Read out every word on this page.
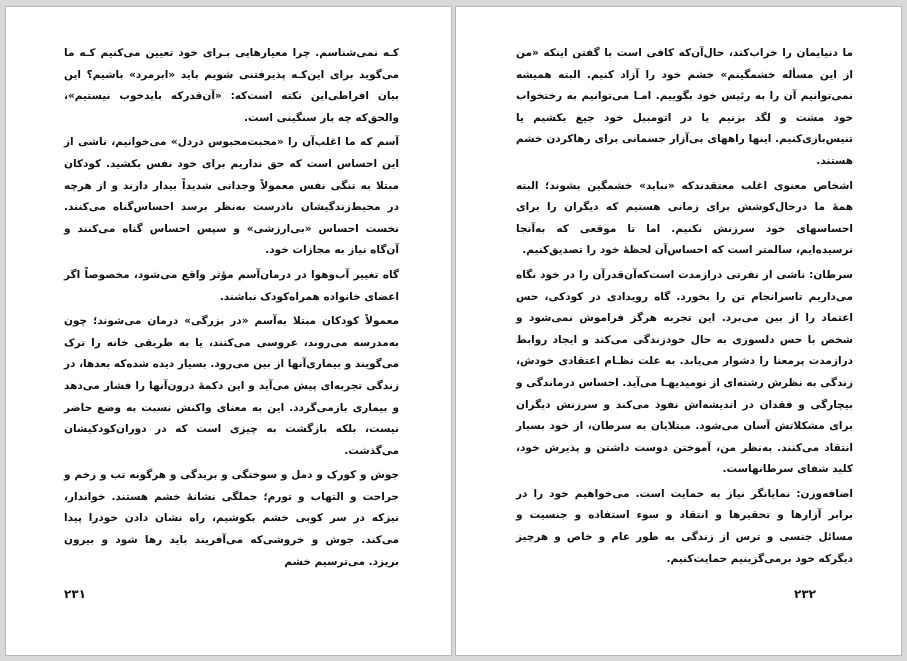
کـه نمی‌شناسم. چرا معیارهایی بـرای خود تعیین می‌کنیم کـه ما می‌گوید برای این‌کـه پذیرفتنی شویم باید «ابرمرد» باشیم؟ این بیان افراطی‌این نکته است‌که: «آن‌قدرکه بایدخوب نیستیم»، والحق‌که چه بار سنگینی است.

آسم که ما اغلب‌آن را «محبت‌محبوس دردل» می‌خوانیم، ناشی از این احساس است که حق نداریم برای خود نفس بکشید. کودکان مبتلا به تنگی نفس معمولاً وجدانی شدیداً بیدار دارند و از هرچه در محیط‌زندگیشان نادرست به‌نظر برسد احساس‌گناه می‌کنند. نخست احساس «بی‌ارزشی» و سپس احساس گناه می‌کنند و آن‌گاه نیاز به مجازات خود.

گاه تغییر آب‌وهوا در درمان‌آسم مؤثر واقع می‌شود، مخصوصاً اگر اعضای خانواده همراه‌کودک نباشند.

معمولاً کودکان مبتلا به‌آسم «در بزرگی» درمان می‌شوند؛ چون به‌مدرسه می‌روند، عروسی می‌کنند، یا به طریقی خانه را ترک می‌گویند و بیماری‌آنها از بین می‌رود. بسیار دیده شده‌که بعدها، در زندگی تجربه‌ای پیش می‌آید و این دکمۀ درون‌آنها را فشار می‌دهد و بیماری بازمی‌گردد. این به معنای واکنش نسبت به وضع حاضر نیست، بلکه بازگشت به چیزی است که در دوران‌کودکیشان می‌گذشت.

جوش و کورک و دمل و سوختگی و بریدگی و هرگونه تب و زخم و جراحت و التهاب و تورم؛ جملگی نشانۀ خشم هستند. خواندار، نیزکه در سر کوبی خشم بکوشیم، راه نشان دادن خودرا پیدا می‌کند. جوش و خروشی‌که می‌آفریند باید رها شود و بیرون بریزد. می‌ترسیم خشم

۲۳۱

ما دنیایمان را خراب‌کند، حال‌آن‌که کافی است با گفتن اینکه «من از این مسأله خشمگینم» خشم خود را آزاد کنیم. البته همیشه نمی‌توانیم آن را به رئیس خود بگوییم. امـا می‌توانیم به رختخواب خود مشت و لگد بزنیم یا در اتومبیل خود جیغ بکشیم یا تنیس‌بازی‌کنیم. اینها راههای بی‌آزار جسمانی برای رها‌کردن خشم هستند.

اشخاص معنوی اغلب معتقدندکه «نباید» خشمگین بشوند؛ البته همۀ ما درحال‌کوشش برای زمانی هستیم که دیگران را برای احساسهای خود سرزنش نکنیم. اما تا موقعی که به‌آنجا نرسیده‌ایم، سالمتر است که احساس‌آن لحظۀ خود را تصدیق‌کنیم.

سرطان: ناشی از نفرتی درازمدت است‌که‌آن‌قدرآن را در خود نگاه می‌داریم تاسرانجام تن را بخورد. گاه رویدادی در کودکی، حس اعتماد را از بین می‌برد. این تجربه هرگز فراموش نمی‌شود و شخص با حس دلسوزی به حال خودزندگی می‌کند و ایجاد روابط درازمدت پرمعنا را دشوار می‌یابد. به علت نظـام اعتقادی خودش، زندگی به نظرش رشته‌ای از نومیدیهـا می‌آید. احساس درماندگی و بیچارگی و فقدان در اندیشه‌اش نفوذ می‌کند و سرزنش دیگران برای مشکلاتش آسان می‌شود. مبتلایان به سرطان، از خود بسیار انتقاد می‌کنند. به‌نظر من، آموختن دوست داشتن و پذیرش خود، کلید شفای سرطانهاست.

اضافه‌وزن: نمایانگر نیاز به حمایت است. می‌خواهیم خود را در برابر آزارها و تحقیرها و انتقاد و سوء استفاده و جنسیت و مسائل جنسی و ترس از زندگی به طور عام و خاص و هرچیز دیگرکه خود برمی‌گزینیم حمایت‌کنیم.

۲۳۲
